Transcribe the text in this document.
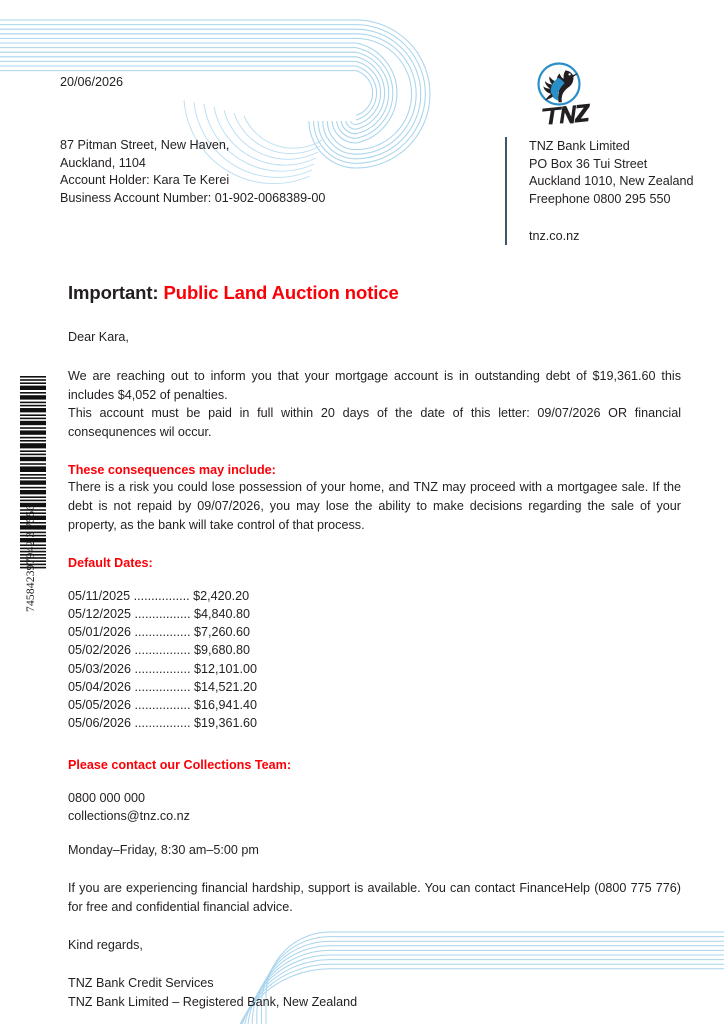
745842397942 3 7556
20/06/2026
87 Pitman Street, New Haven,
Auckland, 1104
Account Holder: Kara Te Kerei
Business Account Number: 01-902-0068389-00
TNZ Bank Limited
PO Box 36 Tui Street
Auckland 1010, New Zealand
Freephone 0800 295 550
tnz.co.nz
Important: Public Land Auction notice
Dear Kara,

We are reaching out to inform you that your mortgage account is in outstanding debt of $19,361.60 this includes $4,052 of penalties.

This account must be paid in full within 20 days of the date of this letter: 09/07/2026 OR financial consequnences wil occur.

These consequences may include:

There is a risk you could lose possession of your home, and TNZ may proceed with a mortgagee sale. If the debt is not repaid by 09/07/2026, you may lose the ability to make decisions regarding the sale of your property, as the bank will take control of that process.

Default Dates:
05/11/2025 ................ $2,420.20
05/12/2025 ................ $4,840.80
05/01/2026 ................ $7,260.60
05/02/2026 ................ $9,680.80
05/03/2026 ................ $12,101.00
05/04/2026 ................ $14,521.20
05/05/2026 ................ $16,941.40
05/06/2026 ................ $19,361.60
Please contact our Collections Team:
0800 000 000
collections@tnz.co.nz
Monday–Friday, 8:30 am–5:00 pm

If you are experiencing financial hardship, support is available. You can contact FinanceHelp (0800 775 776) for free and confidential financial advice.

Kind regards,
TNZ Bank Credit Services
TNZ Bank Limited – Registered Bank, New Zealand
